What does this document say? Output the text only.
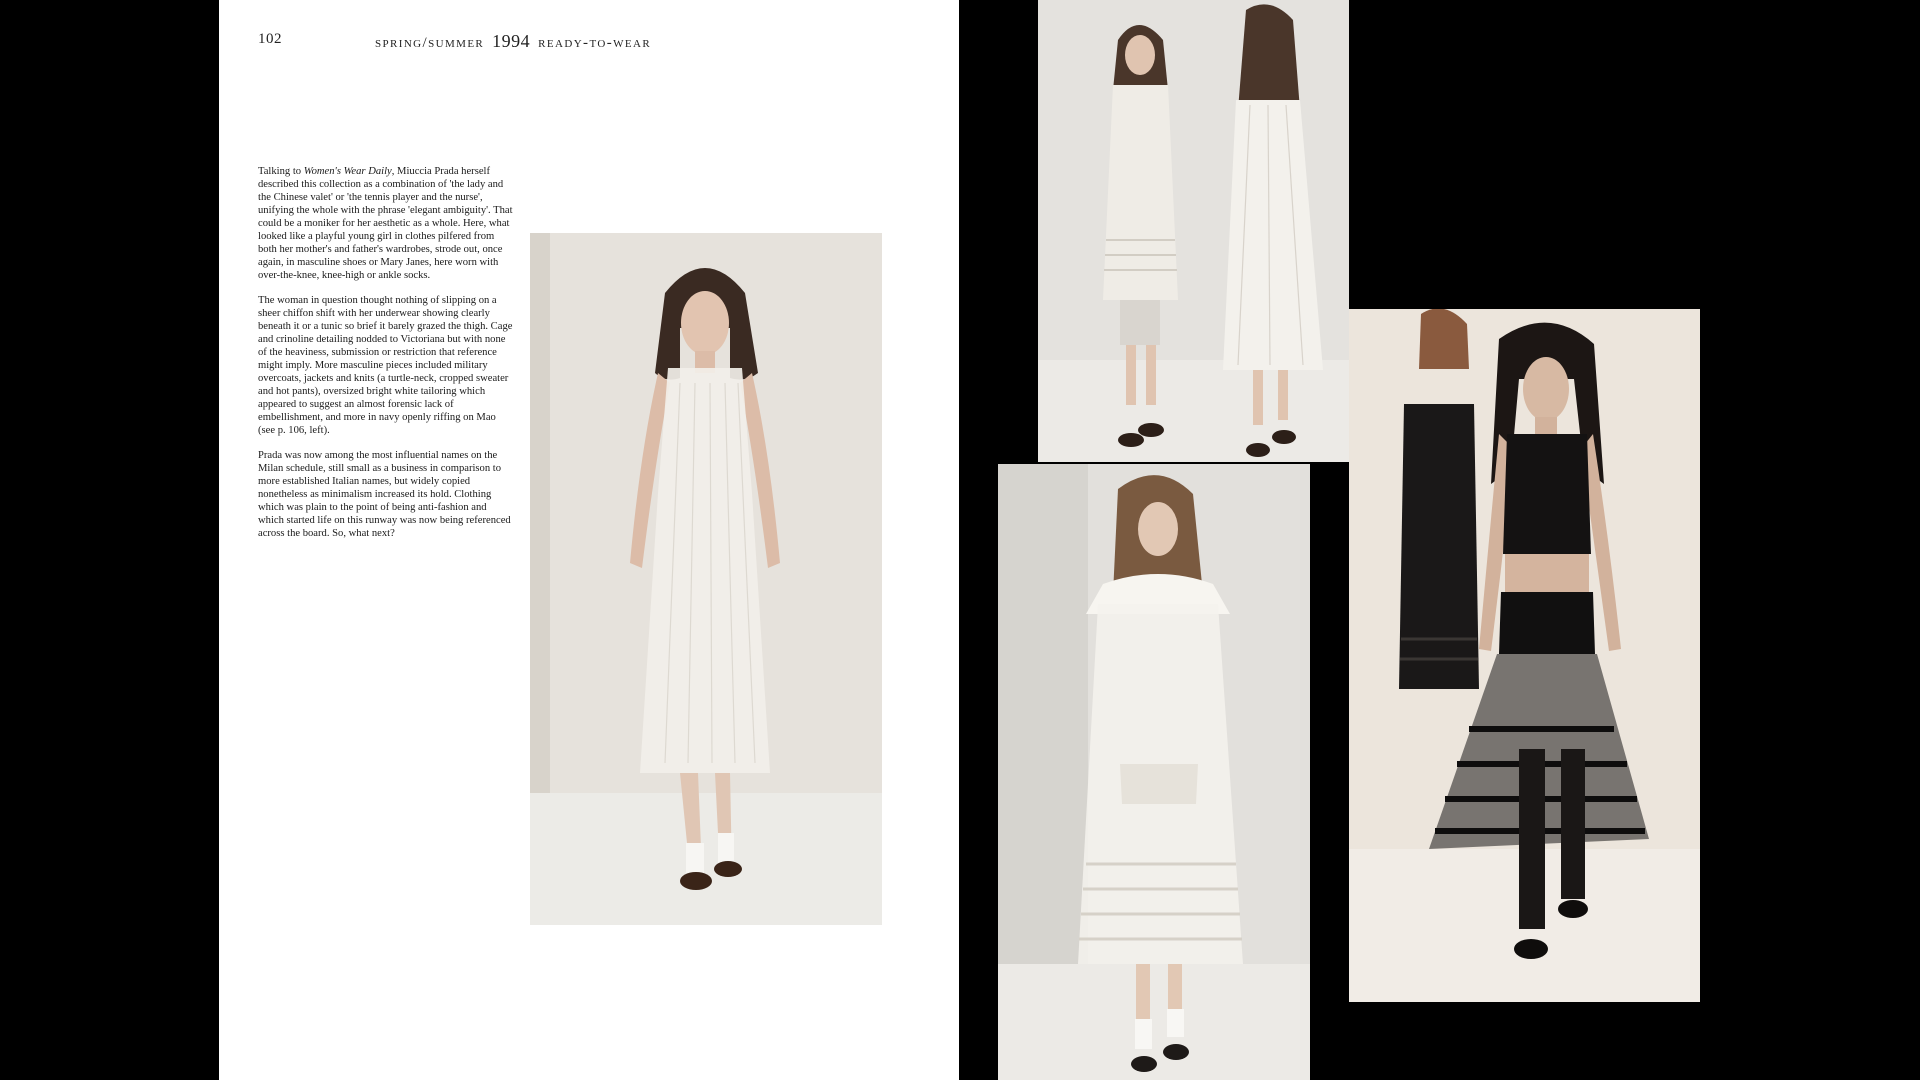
102	spring/summer 1994 ready-to-wear

Talking to Women's Wear Daily, Miuccia Prada herself described this collection as a combination of 'the lady and the Chinese valet' or 'the tennis player and the nurse', unifying the whole with the phrase 'elegant ambiguity'. That could be a moniker for her aesthetic as a whole. Here, what looked like a playful young girl in clothes pilfered from both her mother's and father's wardrobes, strode out, once again, in masculine shoes or Mary Janes, here worn with over-the-knee, knee-high or ankle socks.

The woman in question thought nothing of slipping on a sheer chiffon shift with her underwear showing clearly beneath it or a tunic so brief it barely grazed the thigh. Cage and crinoline detailing nodded to Victoriana but with none of the heaviness, submission or restriction that reference might imply. More masculine pieces included military overcoats, jackets and knits (a turtle-neck, cropped sweater and hot pants), oversized bright white tailoring which appeared to suggest an almost forensic lack of embellishment, and more in navy openly riffing on Mao (see p. 106, left).

Prada was now among the most influential names on the Milan schedule, still small as a business in comparison to more established Italian names, but widely copied nonetheless as minimalism increased its hold. Clothing which was plain to the point of being anti-fashion and which started life on this runway was now being referenced across the board. So, what next?
